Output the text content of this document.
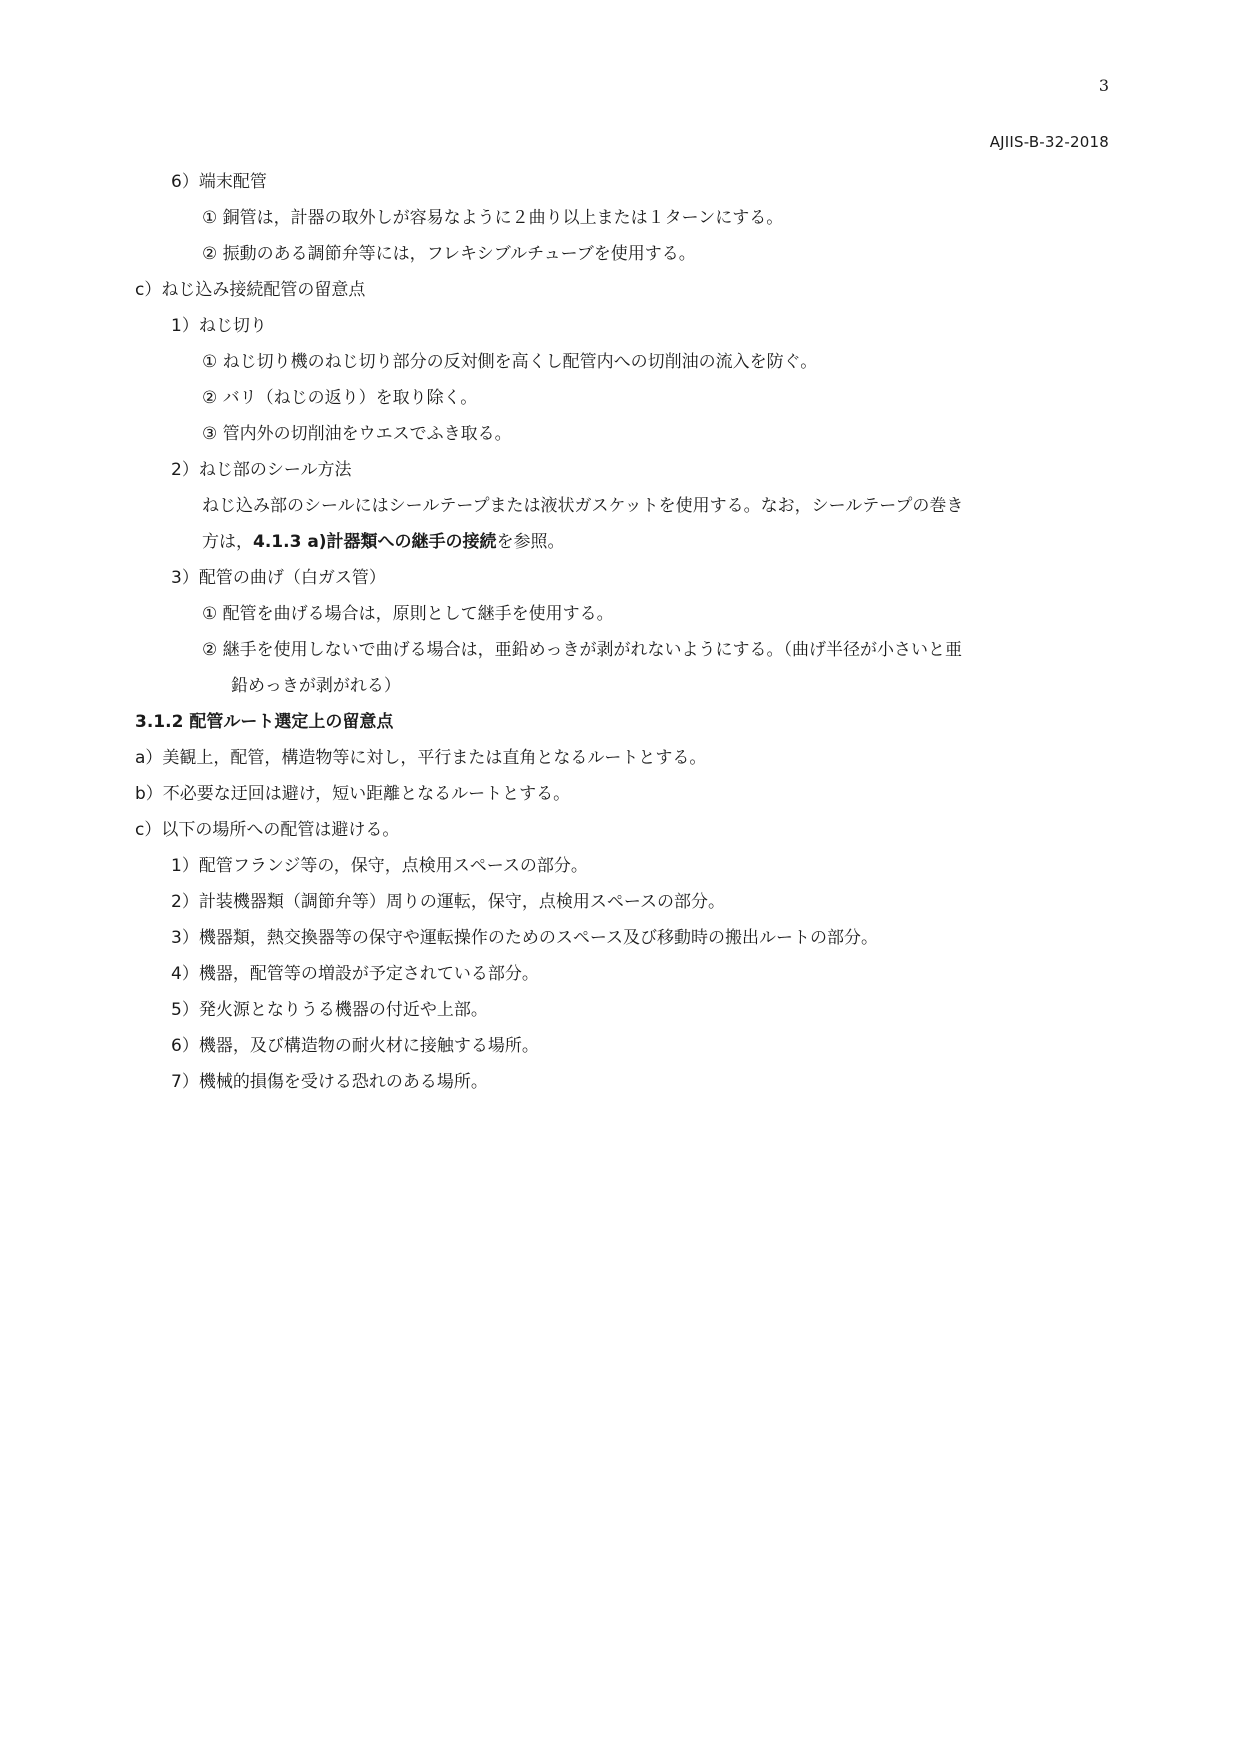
3
AJIIS-B-32-2018
6）端末配管
① 銅管は，計器の取外しが容易なように２曲り以上または１ターンにする。
② 振動のある調節弁等には，フレキシブルチューブを使用する。
c）ねじ込み接続配管の留意点
1）ねじ切り
① ねじ切り機のねじ切り部分の反対側を高くし配管内への切削油の流入を防ぐ。
② バリ（ねじの返り）を取り除く。
③ 管内外の切削油をウエスでふき取る。
2）ねじ部のシール方法
ねじ込み部のシールにはシールテープまたは液状ガスケットを使用する。なお，シールテープの巻き
方は，4.1.3 a)計器類への継手の接続を参照。
3）配管の曲げ（白ガス管）
① 配管を曲げる場合は，原則として継手を使用する。
② 継手を使用しないで曲げる場合は，亜鉛めっきが剥がれないようにする。（曲げ半径が小さいと亜
鉛めっきが剥がれる）
3.1.2 配管ルート選定上の留意点
a）美観上，配管，構造物等に対し，平行または直角となるルートとする。
b）不必要な迂回は避け，短い距離となるルートとする。
c）以下の場所への配管は避ける。
1）配管フランジ等の，保守，点検用スペースの部分。
2）計装機器類（調節弁等）周りの運転，保守，点検用スペースの部分。
3）機器類，熱交換器等の保守や運転操作のためのスペース及び移動時の搬出ルートの部分。
4）機器，配管等の増設が予定されている部分。
5）発火源となりうる機器の付近や上部。
6）機器，及び構造物の耐火材に接触する場所。
7）機械的損傷を受ける恐れのある場所。
